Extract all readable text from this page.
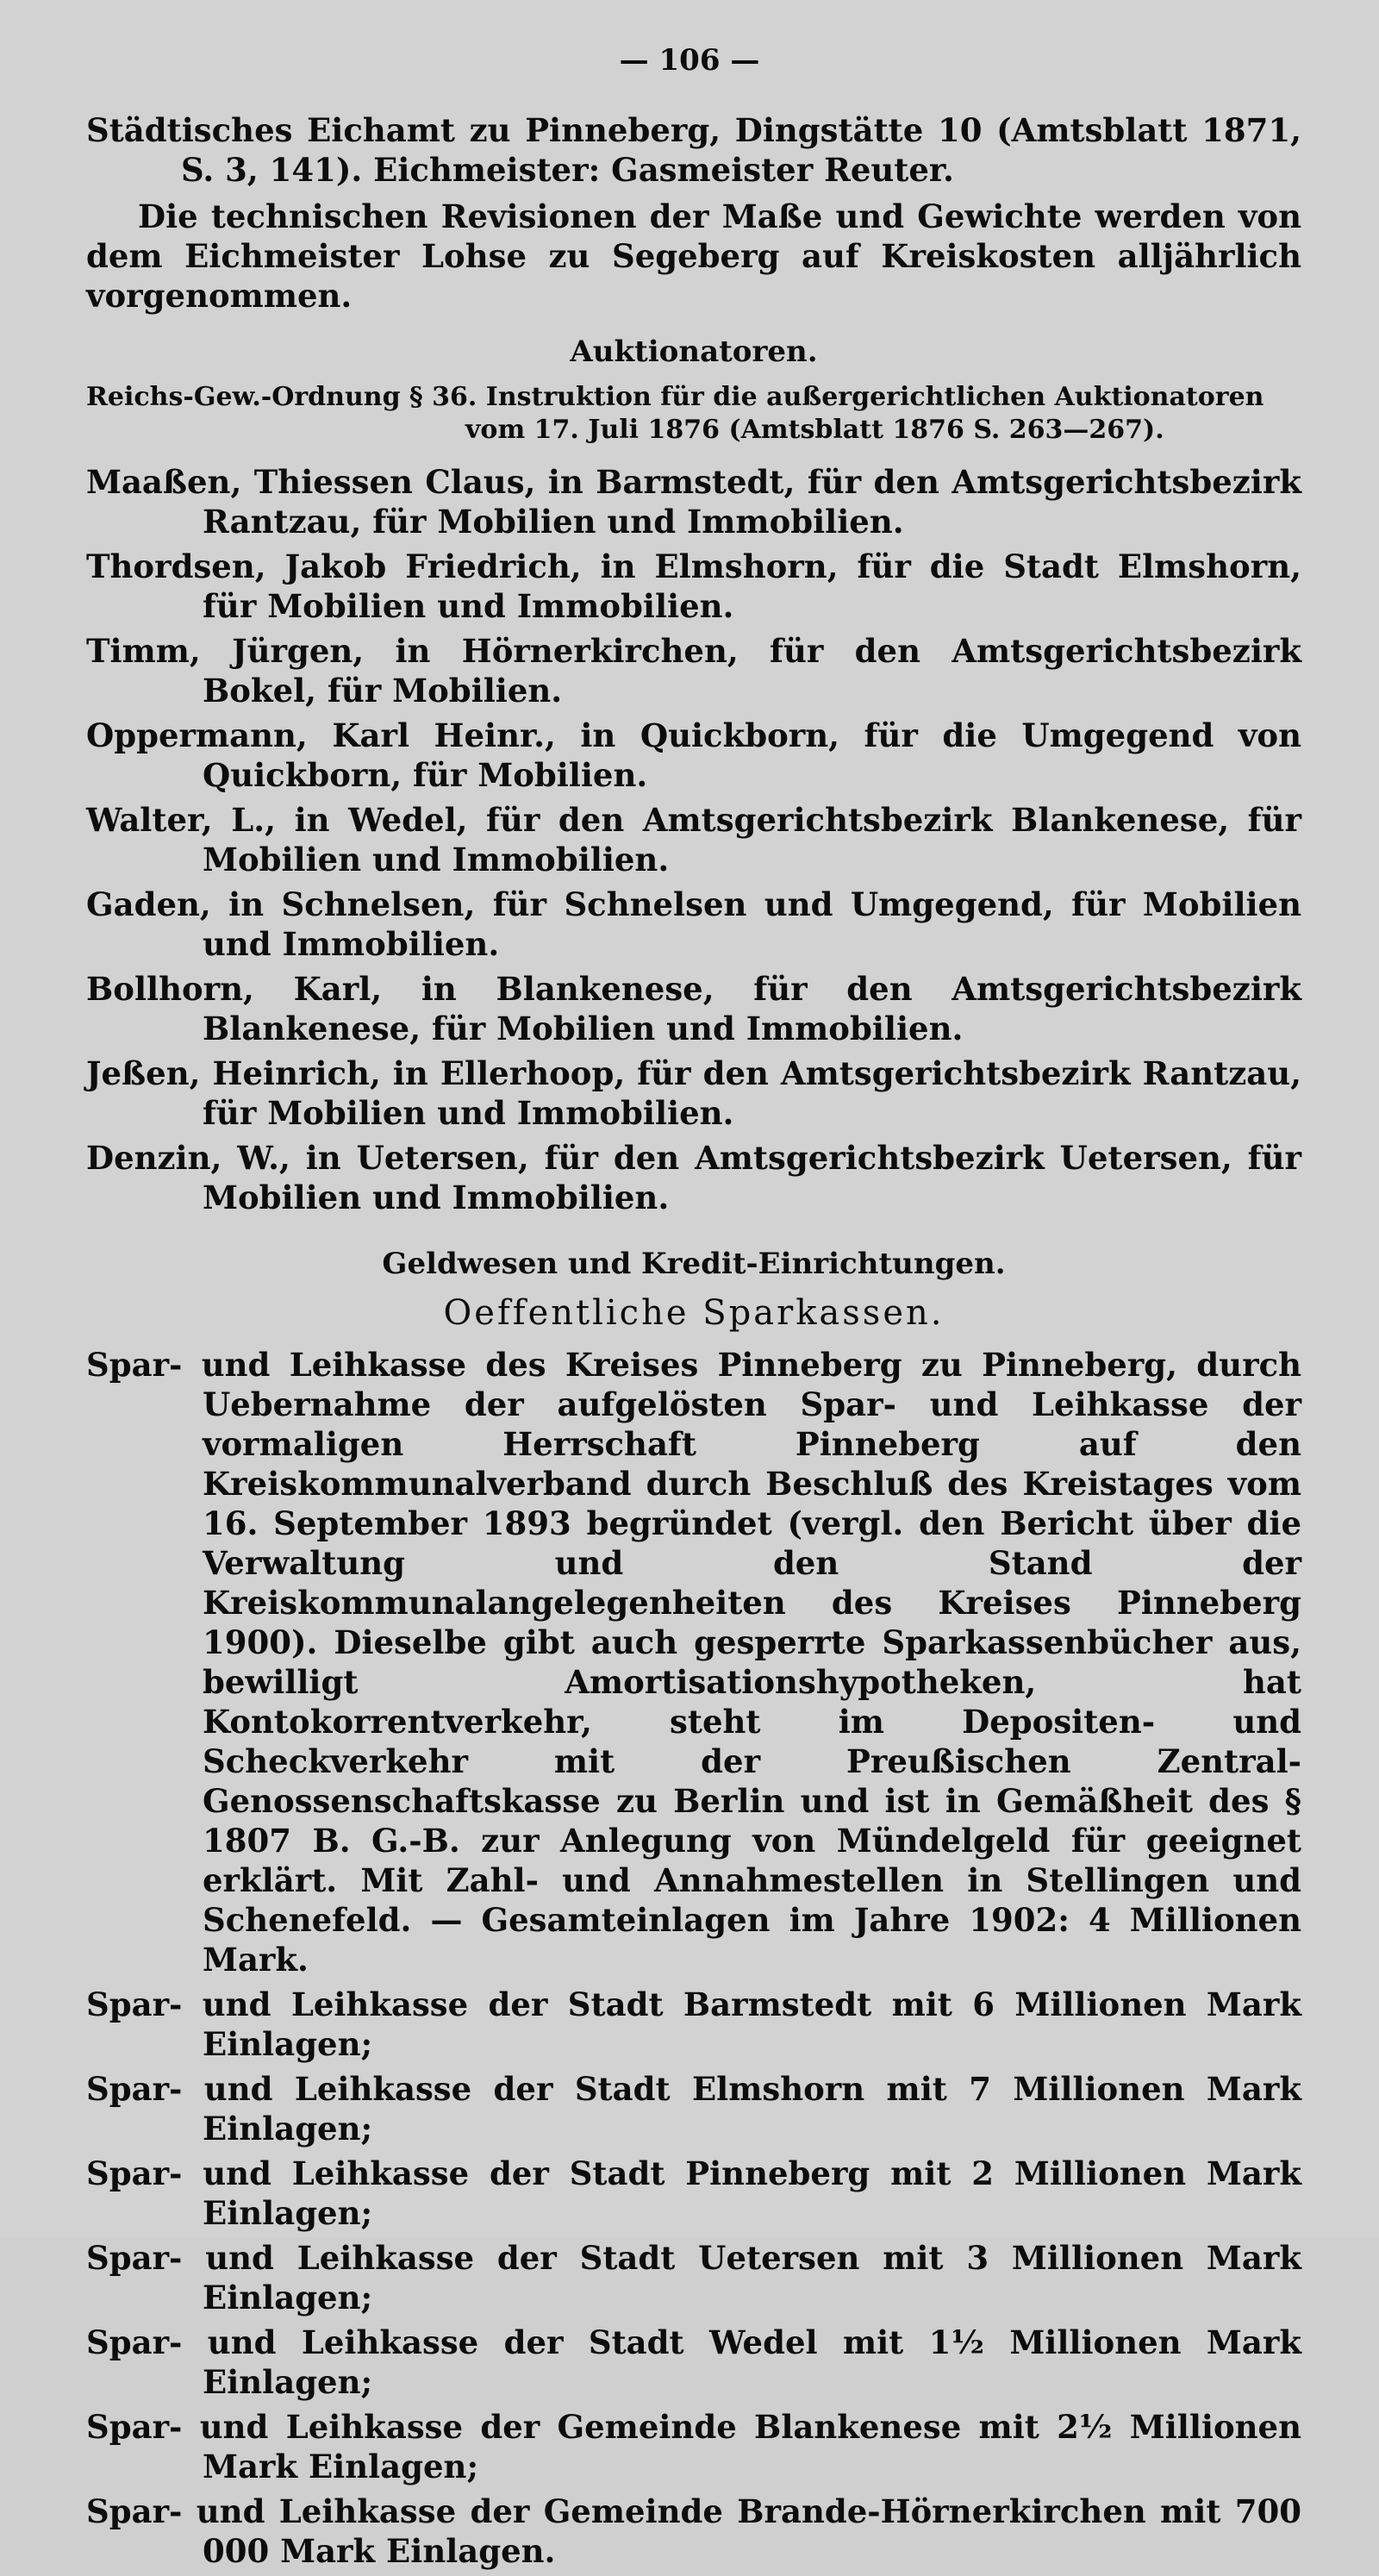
— 106 —

Städtisches Eichamt zu Pinneberg, Dingstätte 10 (Amtsblatt 1871, S. 3, 141). Eichmeister: Gasmeister Reuter.

Die technischen Revisionen der Maße und Gewichte werden von dem Eichmeister Lohse zu Segeberg auf Kreiskosten alljährlich vorgenommen.

Auktionatoren.

Reichs-Gew.-Ordnung § 36. Instruktion für die außergerichtlichen Auktionatoren vom 17. Juli 1876 (Amtsblatt 1876 S. 263—267).

Maaßen, Thiessen Claus, in Barmstedt, für den Amtsgerichtsbezirk Rantzau, für Mobilien und Immobilien.

Thordsen, Jakob Friedrich, in Elmshorn, für die Stadt Elmshorn, für Mobilien und Immobilien.

Timm, Jürgen, in Hörnerkirchen, für den Amtsgerichtsbezirk Bokel, für Mobilien.

Oppermann, Karl Heinr., in Quickborn, für die Umgegend von Quickborn, für Mobilien.

Walter, L., in Wedel, für den Amtsgerichtsbezirk Blankenese, für Mobilien und Immobilien.

Gaden, in Schnelsen, für Schnelsen und Umgegend, für Mobilien und Immobilien.

Bollhorn, Karl, in Blankenese, für den Amtsgerichtsbezirk Blankenese, für Mobilien und Immobilien.

Jeßen, Heinrich, in Ellerhoop, für den Amtsgerichtsbezirk Rantzau, für Mobilien und Immobilien.

Denzin, W., in Uetersen, für den Amtsgerichtsbezirk Uetersen, für Mobilien und Immobilien.

Geldwesen und Kredit-Einrichtungen.
Oeffentliche Sparkassen.

Spar- und Leihkasse des Kreises Pinneberg zu Pinneberg, durch Uebernahme der aufgelösten Spar- und Leihkasse der vormaligen Herrschaft Pinneberg auf den Kreiskommunalverband durch Beschluß des Kreistages vom 16. September 1893 begründet (vergl. den Bericht über die Verwaltung und den Stand der Kreiskommunalangelegenheiten des Kreises Pinneberg 1900). Dieselbe gibt auch gesperrte Sparkassenbücher aus, bewilligt Amortisationshypotheken, hat Kontokorrentverkehr, steht im Depositen- und Scheckverkehr mit der Preußischen Zentral-Genossenschaftskasse zu Berlin und ist in Gemäßheit des § 1807 B. G.-B. zur Anlegung von Mündelgeld für geeignet erklärt. Mit Zahl- und Annahmestellen in Stellingen und Schenefeld. — Gesamteinlagen im Jahre 1902: 4 Millionen Mark.

Spar- und Leihkasse der Stadt Barmstedt mit 6 Millionen Mark Einlagen;

Spar- und Leihkasse der Stadt Elmshorn mit 7 Millionen Mark Einlagen;

Spar- und Leihkasse der Stadt Pinneberg mit 2 Millionen Mark Einlagen;

Spar- und Leihkasse der Stadt Uetersen mit 3 Millionen Mark Einlagen;

Spar- und Leihkasse der Stadt Wedel mit 1½ Millionen Mark Einlagen;

Spar- und Leihkasse der Gemeinde Blankenese mit 2½ Millionen Mark Einlagen;

Spar- und Leihkasse der Gemeinde Brande-Hörnerkirchen mit 700 000 Mark Einlagen.
